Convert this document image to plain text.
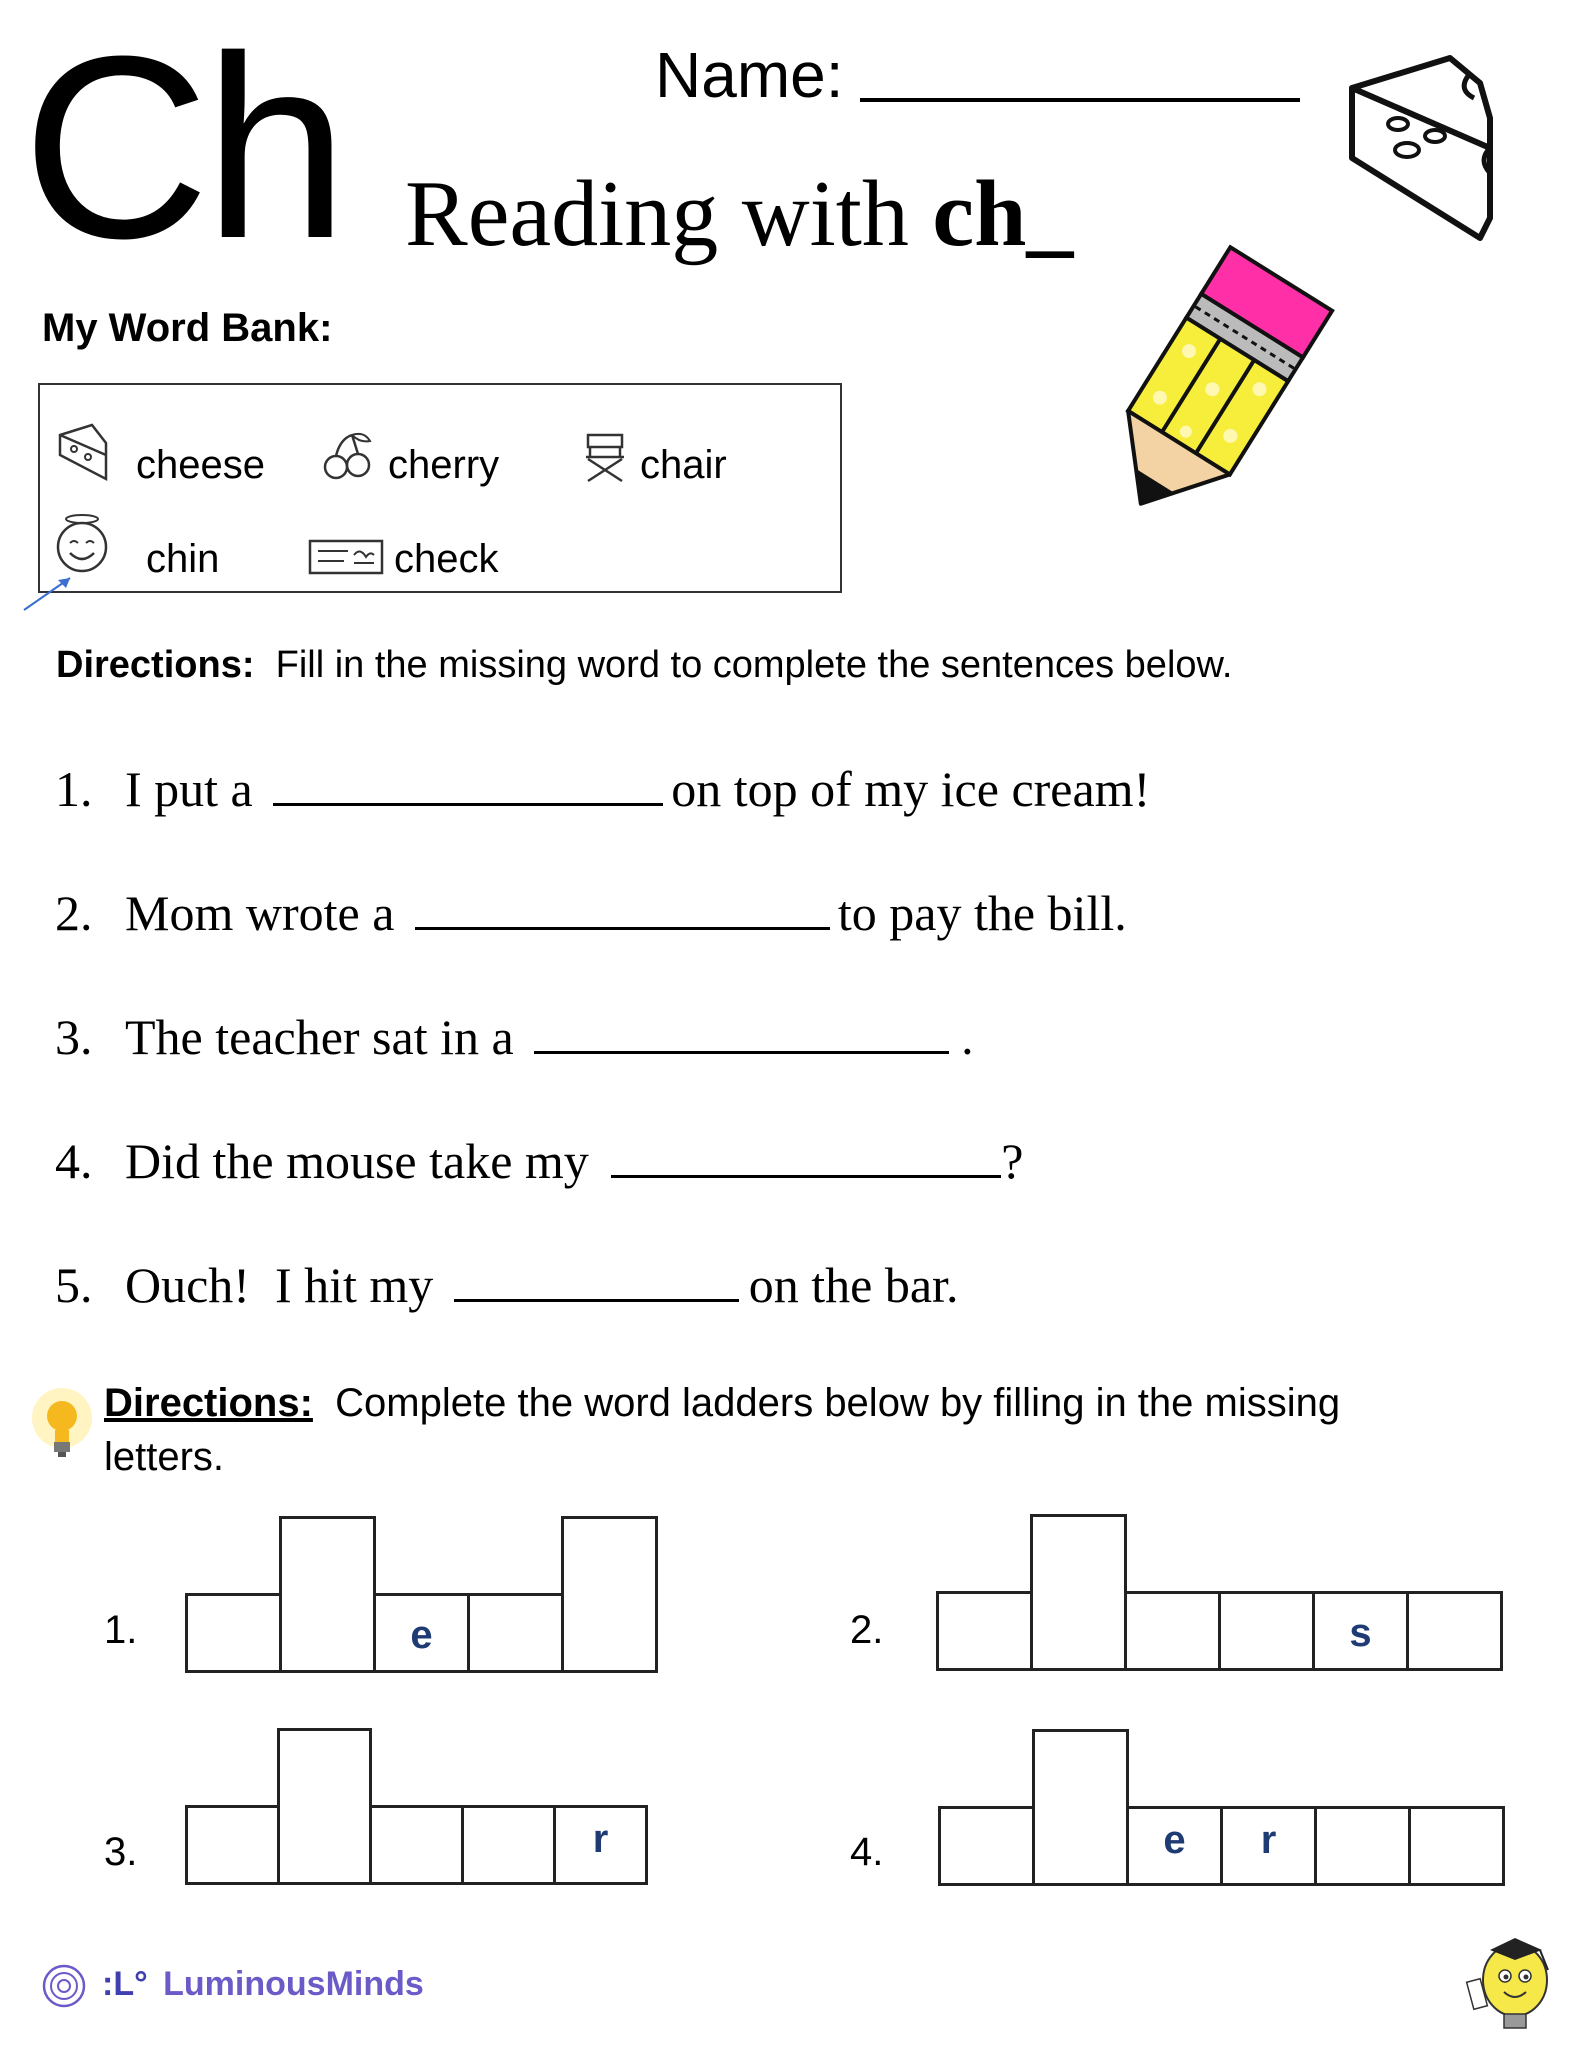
Ch	Name:
Reading with ch_
My Word Bank:
cheese	cherry	chair
chin	check
Directions: Fill in the missing word to complete the sentences below.
1. I put a	on top of my ice cream!
2. Mom wrote a	to pay the bill.
3. The teacher sat in a	.
4. Did the mouse take my	?
5. Ouch!  I hit my	on the bar.
Directions: Complete the word ladders below by filling in the missing letters.
1.	e	2.	s
3.	r	4.	e	r
:L° LuminousMinds
